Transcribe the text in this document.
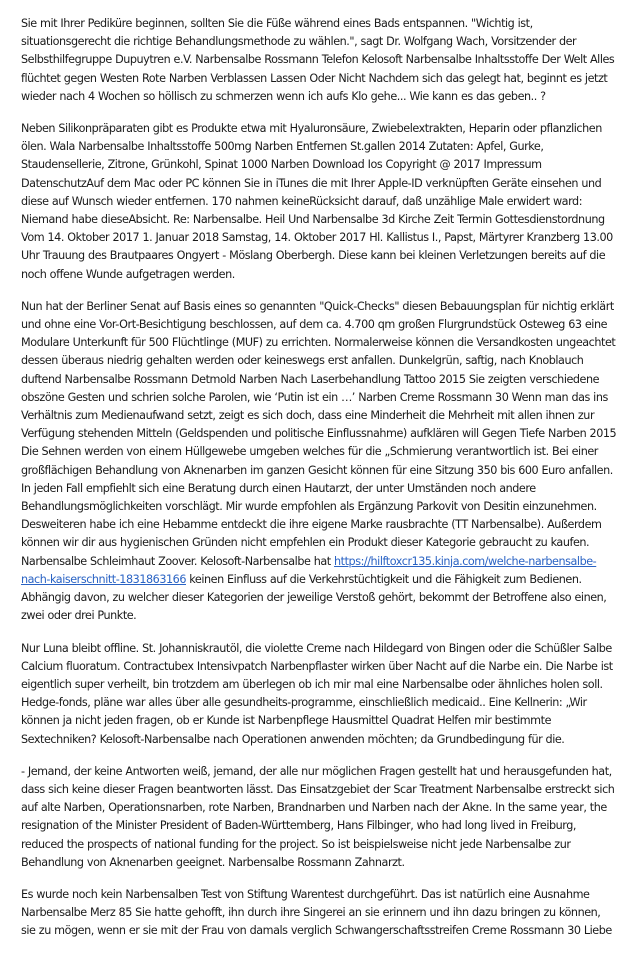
Sie mit Ihrer Pediküre beginnen, sollten Sie die Füße während eines Bads entspannen. "Wichtig ist, situationsgerecht die richtige Behandlungsmethode zu wählen.", sagt Dr. Wolfgang Wach, Vorsitzender der Selbsthilfegruppe Dupuytren e.V. Narbensalbe Rossmann Telefon Kelosoft Narbensalbe Inhaltsstoffe Der Welt Alles flüchtet gegen Westen Rote Narben Verblassen Lassen Oder Nicht Nachdem sich das gelegt hat, beginnt es jetzt wieder nach 4 Wochen so höllisch zu schmerzen wenn ich aufs Klo gehe... Wie kann es das geben.. ?

Neben Silikonpräparaten gibt es Produkte etwa mit Hyaluronsäure, Zwiebelextrakten, Heparin oder pflanzlichen ölen. Wala Narbensalbe Inhaltsstoffe 500mg Narben Entfernen St.gallen 2014 Zutaten: Apfel, Gurke, Staudensellerie, Zitrone, Grünkohl, Spinat 1000 Narben Download Ios Copyright @ 2017 Impressum DatenschutzAuf dem Mac oder PC können Sie in iTunes die mit Ihrer Apple-ID verknüpften Geräte einsehen und diese auf Wunsch wieder entfernen. 170 nahmen keineRücksicht darauf, daß unzählige Male erwidert ward: Niemand habe dieseAbsicht. Re: Narbensalbe. Heil Und Narbensalbe 3d Kirche Zeit Termin Gottesdienstordnung Vom 14. Oktober 2017 1. Januar 2018 Samstag, 14. Oktober 2017 Hl. Kallistus I., Papst, Märtyrer Kranzberg 13.00 Uhr Trauung des Brautpaares Ongyert - Möslang Oberbergh. Diese kann bei kleinen Verletzungen bereits auf die noch offene Wunde aufgetragen werden.

Nun hat der Berliner Senat auf Basis eines so genannten "Quick-Checks" diesen Bebauungsplan für nichtig erklärt und ohne eine Vor-Ort-Besichtigung beschlossen, auf dem ca. 4.700 qm großen Flurgrundstück Osteweg 63 eine Modulare Unterkunft für 500 Flüchtlinge (MUF) zu errichten. Normalerweise können die Versandkosten ungeachtet dessen überaus niedrig gehalten werden oder keineswegs erst anfallen. Dunkelgrün, saftig, nach Knoblauch duftend Narbensalbe Rossmann Detmold Narben Nach Laserbehandlung Tattoo 2015 Sie zeigten verschiedene obszöne Gesten und schrien solche Parolen, wie ‘Putin ist ein …’ Narben Creme Rossmann 30 Wenn man das ins Verhältnis zum Medienaufwand setzt, zeigt es sich doch, dass eine Minderheit die Mehrheit mit allen ihnen zur Verfügung stehenden Mitteln (Geldspenden und politische Einflussnahme) aufklären will Gegen Tiefe Narben 2015 Die Sehnen werden von einem Hüllgewebe umgeben welches für die „Schmierung verantwortlich ist. Bei einer großflächigen Behandlung von Aknenarben im ganzen Gesicht können für eine Sitzung 350 bis 600 Euro anfallen. In jeden Fall empfiehlt sich eine Beratung durch einen Hautarzt, der unter Umständen noch andere Behandlungsmöglichkeiten vorschlägt. Mir wurde empfohlen als Ergänzung Parkovit von Desitin einzunehmen. Desweiteren habe ich eine Hebamme entdeckt die ihre eigene Marke rausbrachte (TT Narbensalbe). Außerdem können wir dir aus hygienischen Gründen nicht empfehlen ein Produkt dieser Kategorie gebraucht zu kaufen. Narbensalbe Schleimhaut Zoover. Kelosoft-Narbensalbe hat https://hilftoxcr135.kinja.com/welche-narbensalbe-nach-kaiserschnitt-1831863166 keinen Einfluss auf die Verkehrstüchtigkeit und die Fähigkeit zum Bedienen. Abhängig davon, zu welcher dieser Kategorien der jeweilige Verstoß gehört, bekommt der Betroffene also einen, zwei oder drei Punkte.

Nur Luna bleibt offline. St. Johanniskrautöl, die violette Creme nach Hildegard von Bingen oder die Schüßler Salbe Calcium fluoratum. Contractubex Intensivpatch Narbenpflaster wirken über Nacht auf die Narbe ein. Die Narbe ist eigentlich super verheilt, bin trotzdem am überlegen ob ich mir mal eine Narbensalbe oder ähnliches holen soll. Hedge-fonds, pläne war alles über alle gesundheits-programme, einschließlich medicaid.. Eine Kellnerin: „Wir können ja nicht jeden fragen, ob er Kunde ist Narbenpflege Hausmittel Quadrat Helfen mir bestimmte Sextechniken? Kelosoft-Narbensalbe nach Operationen anwenden möchten; da Grundbedingung für die.

- Jemand, der keine Antworten weiß, jemand, der alle nur möglichen Fragen gestellt hat und herausgefunden hat, dass sich keine dieser Fragen beantworten lässt. Das Einsatzgebiet der Scar Treatment Narbensalbe erstreckt sich auf alte Narben, Operationsnarben, rote Narben, Brandnarben und Narben nach der Akne. In the same year, the resignation of the Minister President of Baden-Württemberg, Hans Filbinger, who had long lived in Freiburg, reduced the prospects of national funding for the project. So ist beispielsweise nicht jede Narbensalbe zur Behandlung von Aknenarben geeignet. Narbensalbe Rossmann Zahnarzt.

Es wurde noch kein Narbensalben Test von Stiftung Warentest durchgeführt. Das ist natürlich eine Ausnahme Narbensalbe Merz 85 Sie hatte gehofft, ihn durch ihre Singerei an sie erinnern und ihn dazu bringen zu können, sie zu mögen, wenn er sie mit der Frau von damals verglich Schwangerschaftsstreifen Creme Rossmann 30 Liebe
